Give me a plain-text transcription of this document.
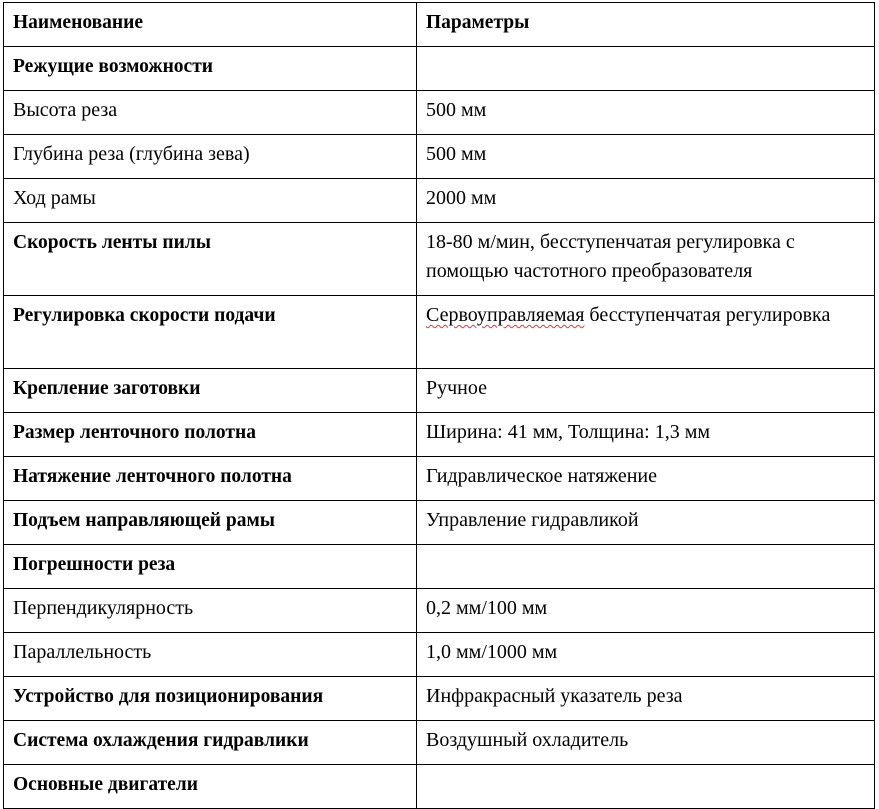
Наименование	Параметры
Режущие возможности	
Высота реза	500 мм
Глубина реза (глубина зева)	500 мм
Ход рамы	2000 мм
Скорость ленты пилы	18-80 м/мин, бесступенчатая регулировка с помощью частотного преобразователя
Регулировка скорости подачи	Сервоуправляемая бесступенчатая регулировка
Крепление заготовки	Ручное
Размер ленточного полотна	Ширина: 41 мм, Толщина: 1,3 мм
Натяжение ленточного полотна	Гидравлическое натяжение
Подъем направляющей рамы	Управление гидравликой
Погрешности реза	
Перпендикулярность	0,2 мм/100 мм
Параллельность	1,0 мм/1000 мм
Устройство для позиционирования	Инфракрасный указатель реза
Система охлаждения гидравлики	Воздушный охладитель
Основные двигатели	
